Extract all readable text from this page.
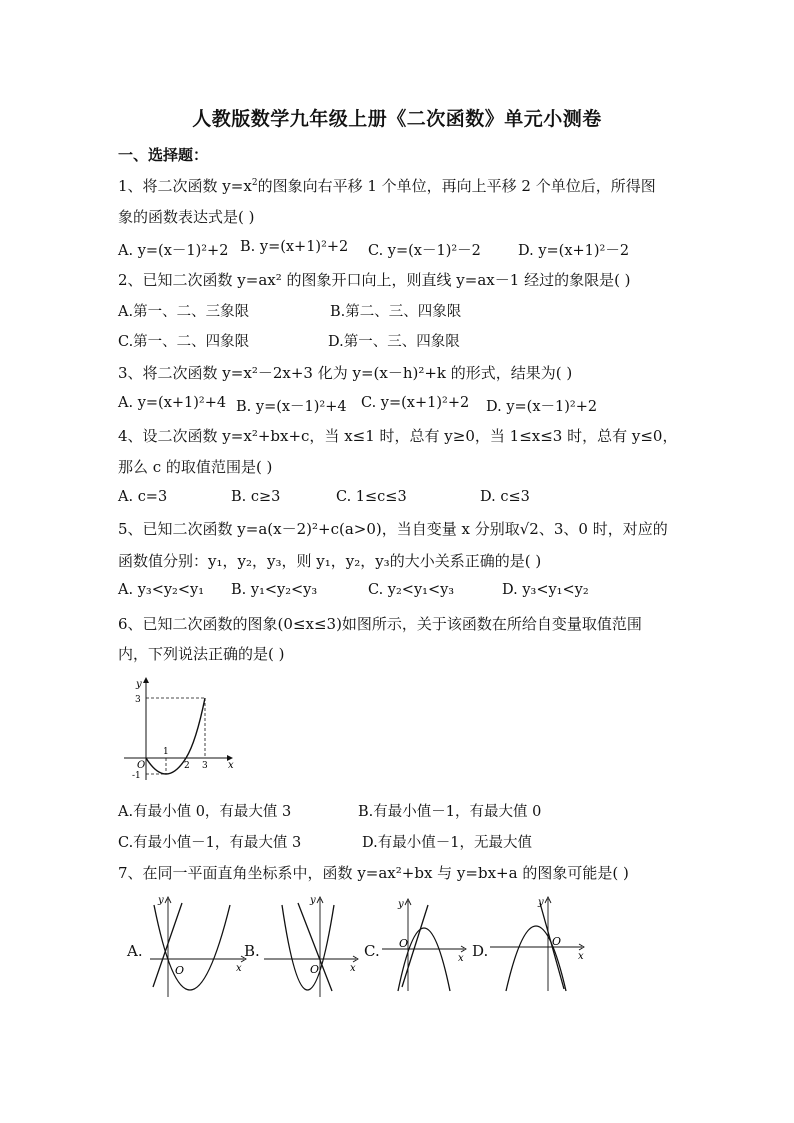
人教版数学九年级上册《二次函数》单元小测卷
一、选择题：
1、将二次函数 $y=x^2$的图象向右平移 1 个单位，再向上平移 2 个单位后，所得图
象的函数表达式是( )
A. y=(x－1)²+2 B. y=(x+1)²+2 C. y=(x－1)²－2	D. y=(x+1)²－2
2、已知二次函数 y=ax² 的图象开口向上，则直线 y=ax－1 经过的象限是( )
A.第一、二、三象限	B.第二、三、四象限
C.第一、二、四象限	D.第一、三、四象限
3、将二次函数 y=x²－2x+3 化为 y=(x－h)²+k 的形式，结果为( )
A. y=(x+1)²+4 B. y=(x－1)²+4 C. y=(x+1)²+2 D. y=(x－1)²+2
4、设二次函数 y=x²+bx+c，当 x≤1 时，总有 y≥0，当 1≤x≤3 时，总有 y≤0，
那么 c 的取值范围是( )
A. c=3	B. c≥3	C. 1≤c≤3	D. c≤3
5、已知二次函数 y=a(x－2)²+c(a>0)，当自变量 x 分别取√2、3、0 时，对应的
函数值分别：y₁，y₂，y₃，则 y₁，y₂，y₃的大小关系正确的是( )
A. y₃<y₂<y₁ B. y₁<y₂<y₃	C. y₂<y₁<y₃	D. y₃<y₁<y₂
6、已知二次函数的图象(0≤x≤3)如图所示，关于该函数在所给自变量取值范围
内，下列说法正确的是( )
y
x
O
3
1
2 3
-1
A.有最小值 0，有最大值 3	B.有最小值－1，有最大值 0
C.有最小值－1，有最大值 3	D.有最小值－1，无最大值
7、在同一平面直角坐标系中，函数 y=ax²+bx 与 y=bx+a 的图象可能是( )
A.
y
x
O
B.
y
x
O
C.
y
x
O	D.
y
x
O
